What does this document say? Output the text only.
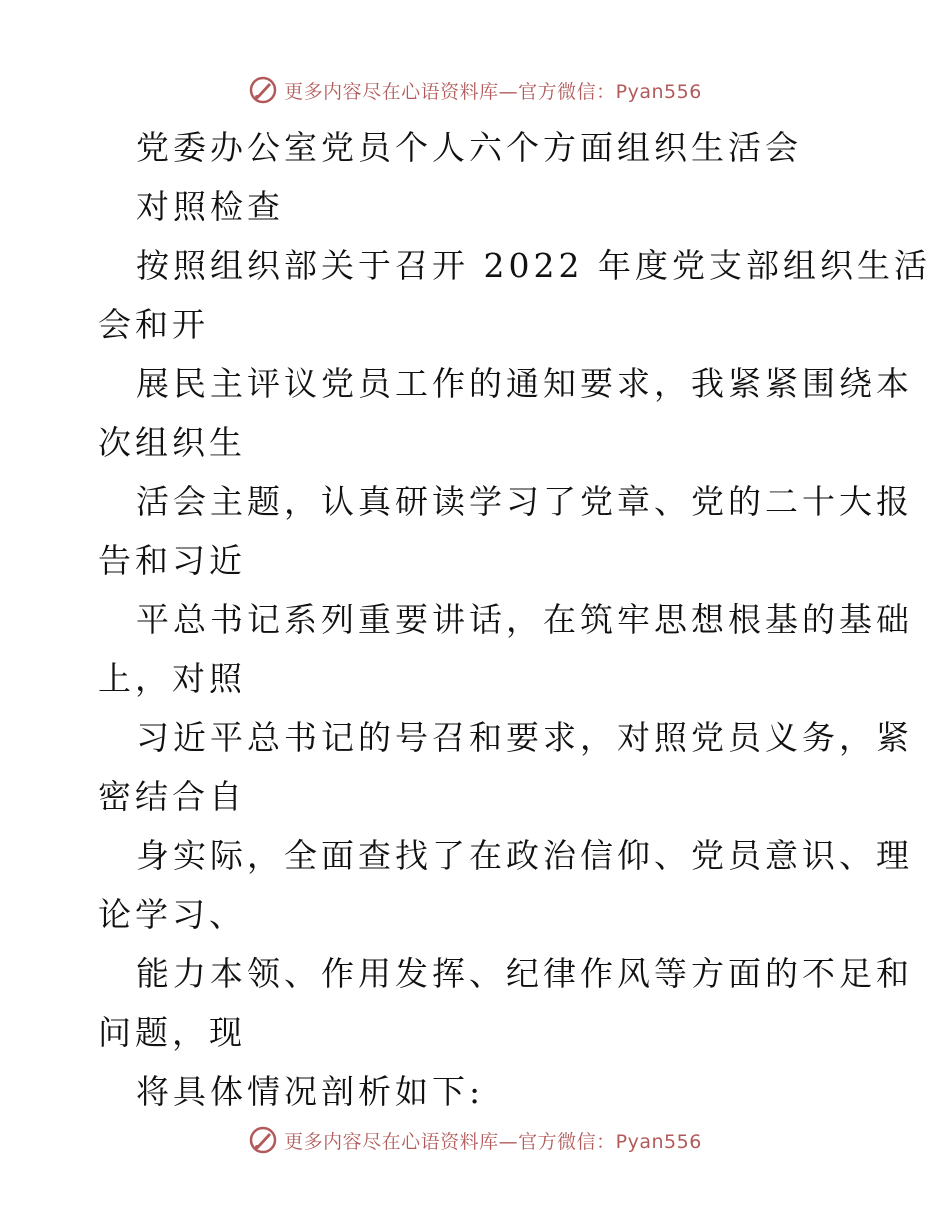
更多内容尽在心语资料库—官方微信：Pyan556
党委办公室党员个人六个方面组织生活会
对照检查
按照组织部关于召开 2022 年度党支部组织生活
会和开
展民主评议党员工作的通知要求，我紧紧围绕本
次组织生
活会主题，认真研读学习了党章、党的二十大报
告和习近
平总书记系列重要讲话，在筑牢思想根基的基础
上，对照
习近平总书记的号召和要求，对照党员义务，紧
密结合自
身实际，全面查找了在政治信仰、党员意识、理
论学习、
能力本领、作用发挥、纪律作风等方面的不足和
问题，现
将具体情况剖析如下:
更多内容尽在心语资料库—官方微信：Pyan556
